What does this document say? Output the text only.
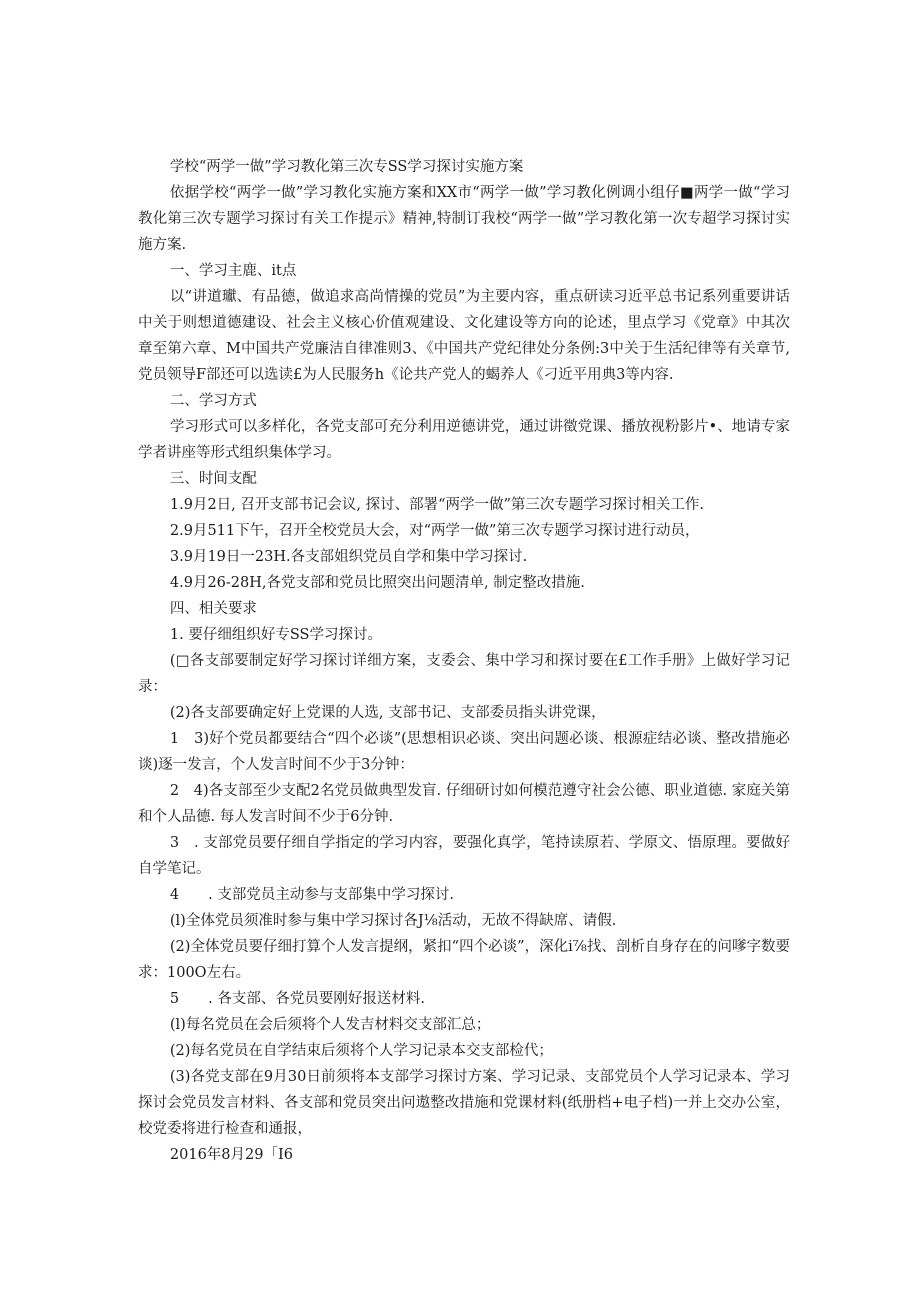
学校“两学一做”学习教化第三次专SS学习探讨实施方案

依据学校“两学一做”学习教化实施方案和XX市“两学一做”学习教化例调小组仔■两学一做“学习教化第三次专题学习探讨有关工作提示》精神,特制订我校“两学一做”学习教化第一次专超学习探讨实施方案.

一、学习主鹿、it点

以“讲道瓛、有品德，做追求高尚情操的党员”为主要内容，重点研读习近平总书记系列重要讲话中关于则想道德建设、社会主义核心价值观建设、文化建设等方向的论述，里点学习《党章》中其次章至第六章、M中国共产党廉洁自律准则3、《中国共产党纪律处分条例:3中关于生活纪律等有关章节,党员领导F部还可以选读£为人民服务h《论共产党人的蝎养人《刁近平用典3等内容.

二、学习方式

学习形式可以多样化，各党支部可充分利用逆德讲党，通过讲徵党课、播放视粉影片•、地请专家学者讲座等形式组织集体学习。

三、时间支配

1.9月2日, 召开支部书记会议, 探讨、部署“两学一做”第三次专题学习探讨相关工作.

2.9月511下午，召开全校党员大会，对“两学一做”第三次专题学习探讨进行动员，

3.9月19日一23H.各支部姐织党员自学和集中学习探讨.

4.9月26-28H,各党支部和党员比照突出问题清单, 制定整改措施.

四、相关要求

1. 要仔细组织好专SS学习探讨。

(□各支部要制定好学习探讨详细方案，支委会、集中学习和探讨要在£工作手册》上做好学习记录：

(2)各支部要确定好上党课的人选, 支部书记、支部委员指头讲党课，

1　3)好个党员都要结合“四个必谈”(思想相识必谈、突出问题必谈、根源症结必谈、整改措施必谈)逐一发言，个人发言时间不少于3分钟：

2　4)各支部至少支配2名党员做典型发盲. 仔细研讨如何模范遵守社会公德、职业道德. 家庭关第和个人品德. 每人发言时间不少于6分钟.

3　. 支部党员要仔细自学指定的学习内容，要强化真学，笔持读原若、学原文、悟原理。要做好自学笔记。

4　　. 支部党员主动参与支部集中学习探讨.

(l)全体党员须准时参与集中学习探讨各J⅛活动，无故不得缺席、请假.

(2)全体党员要仔细打算个人发言提纲，紧扣“四个必谈”，深化i⅞找、剖析自身存在的问嗲字数要求：100O左右。

5　　. 各支部、各党员要刚好报送材料.

(l)每名党员在会后须将个人发吉材料交支部汇总；

(2)每名党员在自学结束后须将个人学习记录本交支部检代；

(3)各党支部在9月30日前须将本支部学习探讨方案、学习记录、支部党员个人学习记录本、学习探讨会党员发言材料、各支部和党员突出问遨整改措施和党课材料(纸册档+电子档)一并上交办公室，校党委将进行检查和通报，

2016年8月29「I6
